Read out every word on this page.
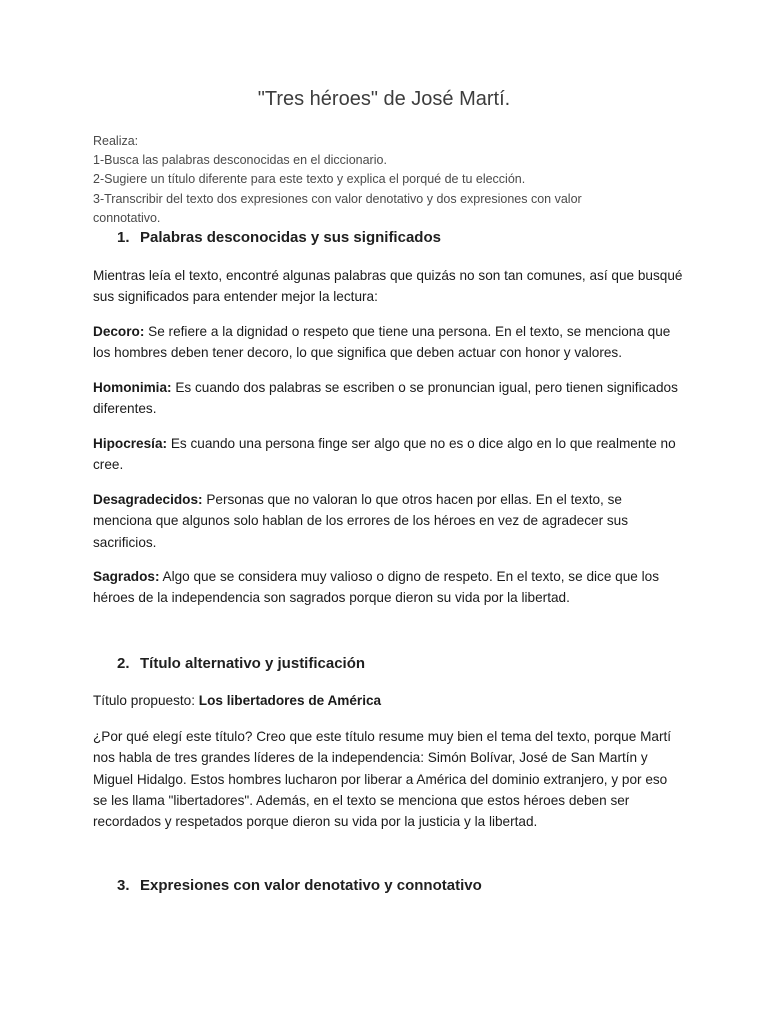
"Tres héroes" de José Martí.
Realiza:
1-Busca las palabras desconocidas en el diccionario.
2-Sugiere un título diferente para este texto y explica el porqué de tu elección.
3-Transcribir del texto dos expresiones con valor denotativo y dos expresiones con valor
connotativo.
1. Palabras desconocidas y sus significados
Mientras leía el texto, encontré algunas palabras que quizás no son tan comunes, así que busqué sus significados para entender mejor la lectura:
Decoro: Se refiere a la dignidad o respeto que tiene una persona. En el texto, se menciona que los hombres deben tener decoro, lo que significa que deben actuar con honor y valores.
Homonimia: Es cuando dos palabras se escriben o se pronuncian igual, pero tienen significados diferentes.
Hipocresía: Es cuando una persona finge ser algo que no es o dice algo en lo que realmente no cree.
Desagradecidos: Personas que no valoran lo que otros hacen por ellas. En el texto, se menciona que algunos solo hablan de los errores de los héroes en vez de agradecer sus sacrificios.
Sagrados: Algo que se considera muy valioso o digno de respeto. En el texto, se dice que los héroes de la independencia son sagrados porque dieron su vida por la libertad.
2. Título alternativo y justificación
Título propuesto: Los libertadores de América
¿Por qué elegí este título? Creo que este título resume muy bien el tema del texto, porque Martí nos habla de tres grandes líderes de la independencia: Simón Bolívar, José de San Martín y Miguel Hidalgo. Estos hombres lucharon por liberar a América del dominio extranjero, y por eso se les llama "libertadores". Además, en el texto se menciona que estos héroes deben ser recordados y respetados porque dieron su vida por la justicia y la libertad.
3. Expresiones con valor denotativo y connotativo
